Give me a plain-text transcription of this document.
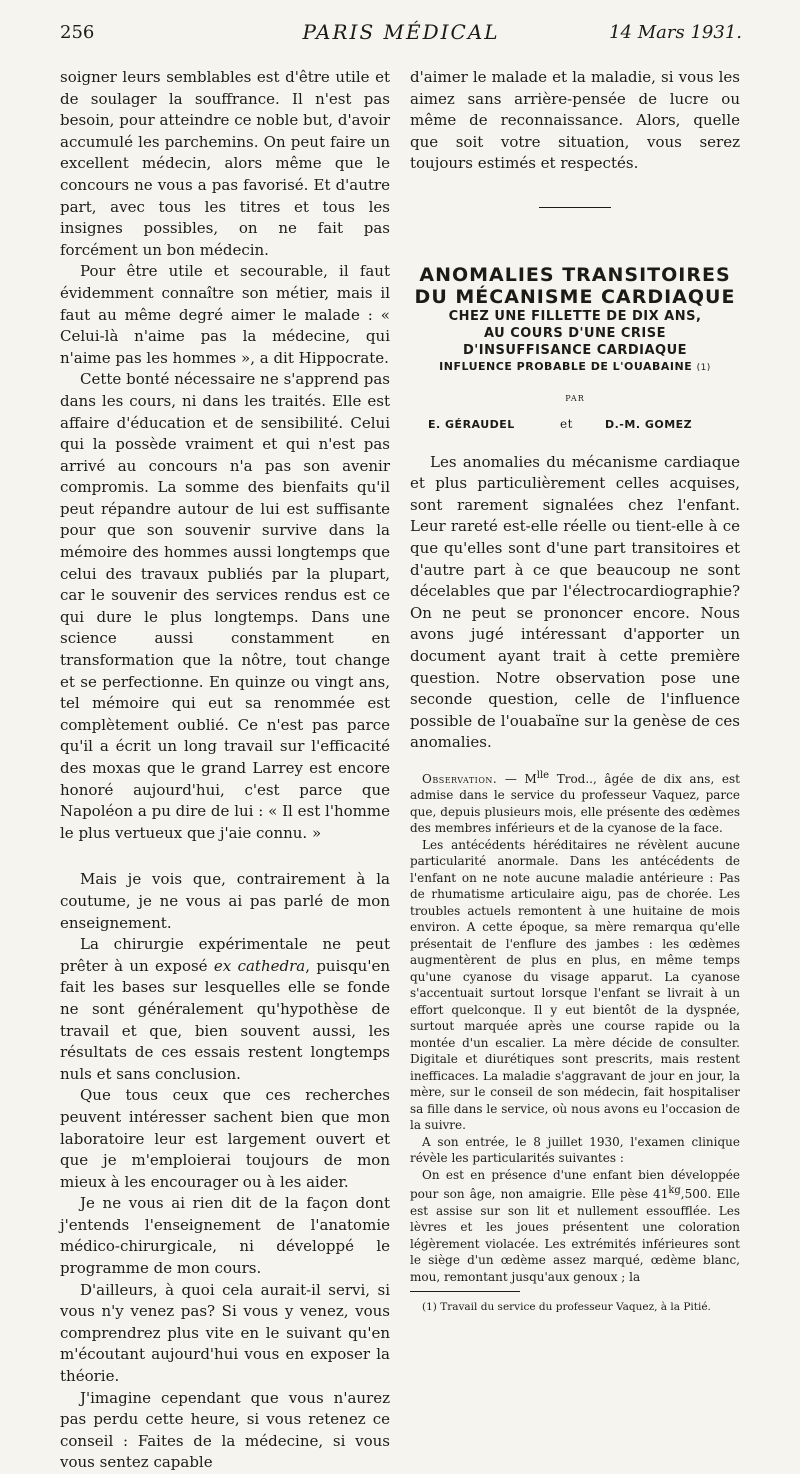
256	PARIS MÉDICAL	14 Mars 1931.

soigner leurs semblables est d'être utile et de soulager la souffrance. Il n'est pas besoin, pour atteindre ce noble but, d'avoir accumulé les parchemins. On peut faire un excellent médecin, alors même que le concours ne vous a pas favorisé. Et d'autre part, avec tous les titres et tous les insignes possibles, on ne fait pas forcément un bon médecin.

Pour être utile et secourable, il faut évidemment connaître son métier, mais il faut au même degré aimer le malade : « Celui-là n'aime pas la médecine, qui n'aime pas les hommes », a dit Hippocrate.

Cette bonté nécessaire ne s'apprend pas dans les cours, ni dans les traités. Elle est affaire d'éducation et de sensibilité. Celui qui la possède vraiment et qui n'est pas arrivé au concours n'a pas son avenir compromis. La somme des bienfaits qu'il peut répandre autour de lui est suffisante pour que son souvenir survive dans la mémoire des hommes aussi longtemps que celui des travaux publiés par la plupart, car le souvenir des services rendus est ce qui dure le plus longtemps. Dans une science aussi constamment en transformation que la nôtre, tout change et se perfectionne. En quinze ou vingt ans, tel mémoire qui eut sa renommée est complètement oublié. Ce n'est pas parce qu'il a écrit un long travail sur l'efficacité des moxas que le grand Larrey est encore honoré aujourd'hui, c'est parce que Napoléon a pu dire de lui : « Il est l'homme le plus vertueux que j'aie connu. »

Mais je vois que, contrairement à la coutume, je ne vous ai pas parlé de mon enseignement.

La chirurgie expérimentale ne peut prêter à un exposé ex cathedra, puisqu'en fait les bases sur lesquelles elle se fonde ne sont généralement qu'hypothèse de travail et que, bien souvent aussi, les résultats de ces essais restent longtemps nuls et sans conclusion.

Que tous ceux que ces recherches peuvent intéresser sachent bien que mon laboratoire leur est largement ouvert et que je m'emploierai toujours de mon mieux à les encourager ou à les aider.

Je ne vous ai rien dit de la façon dont j'entends l'enseignement de l'anatomie médico-chirurgicale, ni développé le programme de mon cours.

D'ailleurs, à quoi cela aurait-il servi, si vous n'y venez pas? Si vous y venez, vous comprendrez plus vite en le suivant qu'en m'écoutant aujourd'hui vous en exposer la théorie.

J'imagine cependant que vous n'aurez pas perdu cette heure, si vous retenez ce conseil : Faites de la médecine, si vous vous sentez capable

d'aimer le malade et la maladie, si vous les aimez sans arrière-pensée de lucre ou même de reconnaissance. Alors, quelle que soit votre situation, vous serez toujours estimés et respectés.

ANOMALIES TRANSITOIRES
DU MÉCANISME CARDIAQUE
CHEZ UNE FILLETTE DE DIX ANS,
AU COURS D'UNE CRISE
D'INSUFFISANCE CARDIAQUE
INFLUENCE PROBABLE DE L'OUABAINE (1)
PAR
E. GÉRAUDEL	et	D.-M. GOMEZ

Les anomalies du mécanisme cardiaque et plus particulièrement celles acquises, sont rarement signalées chez l'enfant. Leur rareté est-elle réelle ou tient-elle à ce que qu'elles sont d'une part transitoires et d'autre part à ce que beaucoup ne sont décelables que par l'électrocardiographie? On ne peut se prononcer encore. Nous avons jugé intéressant d'apporter un document ayant trait à cette première question. Notre observation pose une seconde question, celle de l'influence possible de l'ouabaïne sur la genèse de ces anomalies.

Observation. — $M^{lle}$ Trod.., âgée de dix ans, est admise dans le service du professeur Vaquez, parce que, depuis plusieurs mois, elle présente des œdèmes des membres inférieurs et de la cyanose de la face.

Les antécédents héréditaires ne révèlent aucune particularité anormale. Dans les antécédents de l'enfant on ne note aucune maladie antérieure : Pas de rhumatisme articulaire aigu, pas de chorée. Les troubles actuels remontent à une huitaine de mois environ. A cette époque, sa mère remarqua qu'elle présentait de l'enflure des jambes : les œdèmes augmentèrent de plus en plus, en même temps qu'une cyanose du visage apparut. La cyanose s'accentuait surtout lorsque l'enfant se livrait à un effort quelconque. Il y eut bientôt de la dyspnée, surtout marquée après une course rapide ou la montée d'un escalier. La mère décide de consulter. Digitale et diurétiques sont prescrits, mais restent inefficaces. La maladie s'aggravant de jour en jour, la mère, sur le conseil de son médecin, fait hospitaliser sa fille dans le service, où nous avons eu l'occasion de la suivre.

A son entrée, le 8 juillet 1930, l'examen clinique révèle les particularités suivantes :

On est en présence d'une enfant bien développée pour son âge, non amaigrie. Elle pèse $41^{kg},500$. Elle est assise sur son lit et nullement essoufflée. Les lèvres et les joues présentent une coloration légèrement violacée. Les extrémités inférieures sont le siège d'un œdème assez marqué, œdème blanc, mou, remontant jusqu'aux genoux ; la

(1) Travail du service du professeur Vaquez, à la Pitié.
